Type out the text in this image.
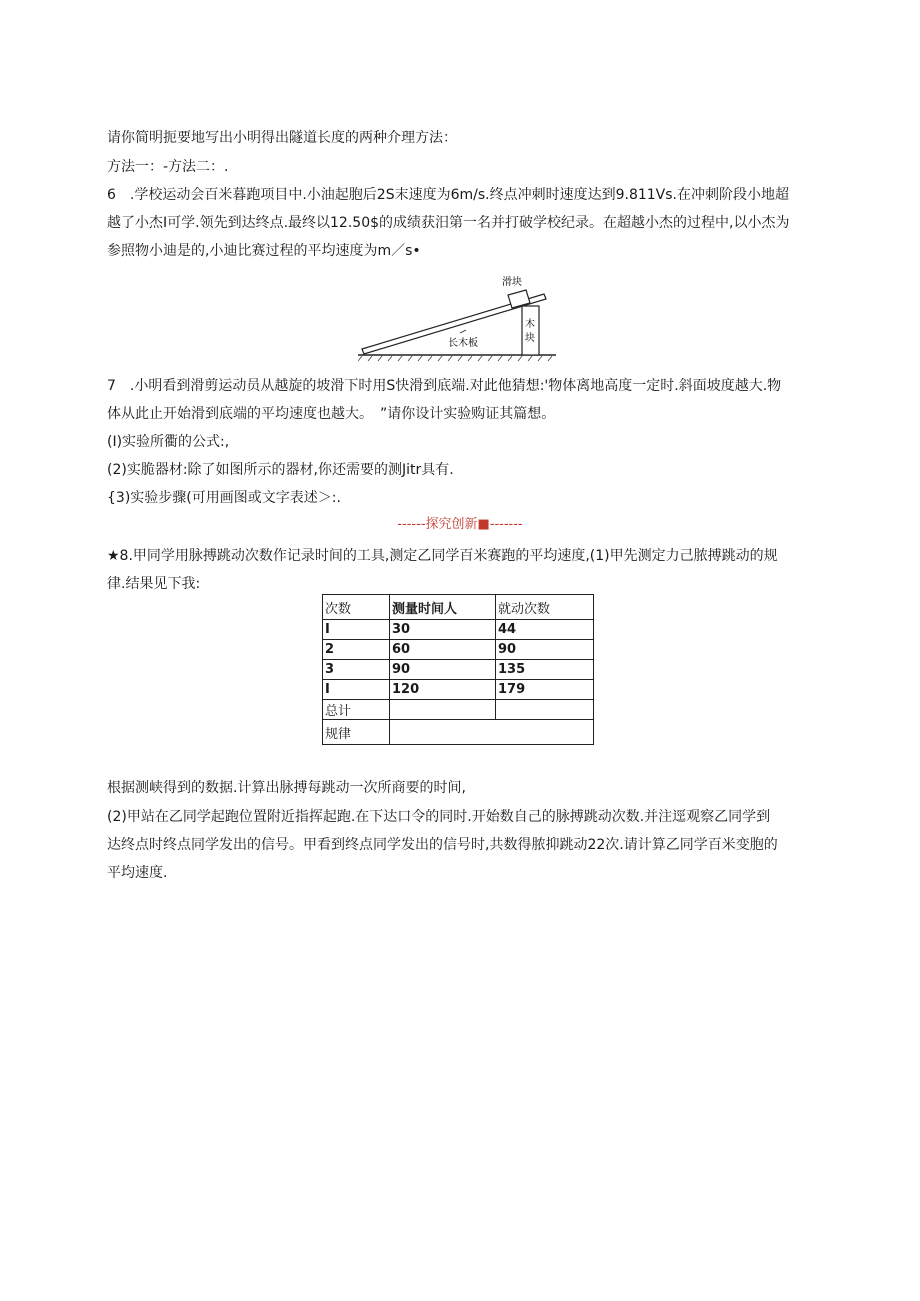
请你简明扼要地写出小明得出隧道长度的两种介理方法：
方法一：-方法二：.
6　.学校运动会百米暮跑项目中.小油起胞后2S末速度为6m/s.终点冲刺时速度达到9.811Vs.在冲刺阶段小地超
越了小杰I可学.领先到达终点.最终以12.50$的成绩获汨第一名并打破学校纪录。在超越小杰的过程中,以小杰为
参照物小迪是的,小迪比赛过程的平均速度为m／s•
木
块
滑块
长木板
7　.小明看到滑剪运动员从越旋的坡滑下时用S快滑到底端.对此他猜想:'物体离地高度一定时.斜面坡度越大.物
体从此止开始滑到底端的平均速度也越大。　”请你设计实验购证其篇想。
(I)实验所衢的公式:,
(2)实脆器材:除了如图所示的器材,你还需要的测Jitr具有.
{3)实验步骤(可用画图或文字表述＞:.
------探究创新■-------
★8.甲同学用脉搏跳动次数作记录时间的工具,测定乙同学百米赛跑的平均速度,(1)甲先测定力己脓搏跳动的规
律.结果见下我:
次数	测量时间人	就动次数
I	30	44
2	60	90
3	90	135
I	120	179
总计		
规律		
根据测峡得到的数据.计算出脉搏每跳动一次所商要的时间,
(2)甲站在乙同学起跑位置附近指挥起跑.在下达口令的同时.开始数自己的脉搏跳动次数.并注逕观察乙同学到
达终点时终点同学发出的信号。甲看到终点同学发出的信号时,共数得脓抑跳动22次.请计算乙同学百米变胞的
平均速度.
